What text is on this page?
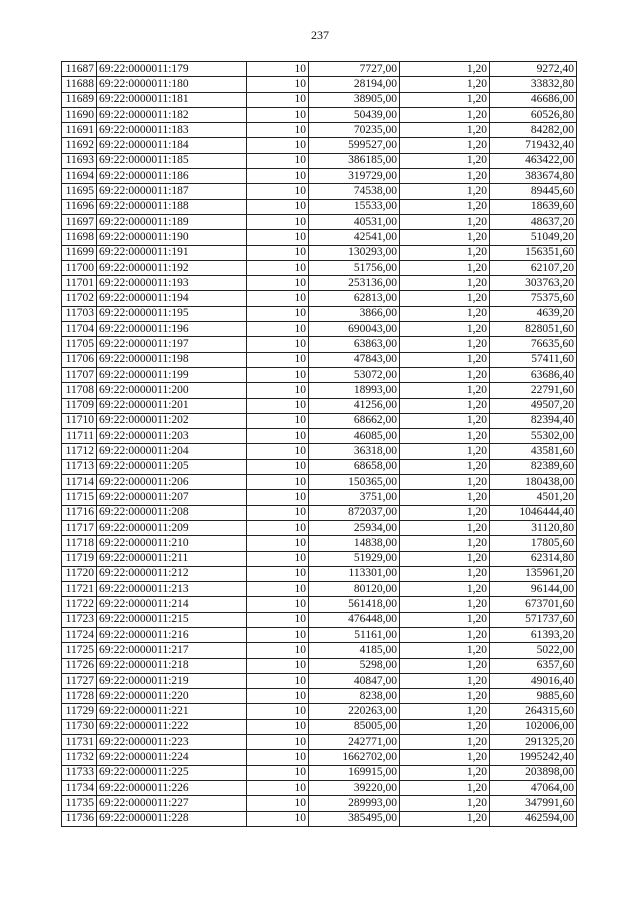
237
11687	69:22:0000011:179	10	7727,00	1,20	9272,40
11688	69:22:0000011:180	10	28194,00	1,20	33832,80
11689	69:22:0000011:181	10	38905,00	1,20	46686,00
11690	69:22:0000011:182	10	50439,00	1,20	60526,80
11691	69:22:0000011:183	10	70235,00	1,20	84282,00
11692	69:22:0000011:184	10	599527,00	1,20	719432,40
11693	69:22:0000011:185	10	386185,00	1,20	463422,00
11694	69:22:0000011:186	10	319729,00	1,20	383674,80
11695	69:22:0000011:187	10	74538,00	1,20	89445,60
11696	69:22:0000011:188	10	15533,00	1,20	18639,60
11697	69:22:0000011:189	10	40531,00	1,20	48637,20
11698	69:22:0000011:190	10	42541,00	1,20	51049,20
11699	69:22:0000011:191	10	130293,00	1,20	156351,60
11700	69:22:0000011:192	10	51756,00	1,20	62107,20
11701	69:22:0000011:193	10	253136,00	1,20	303763,20
11702	69:22:0000011:194	10	62813,00	1,20	75375,60
11703	69:22:0000011:195	10	3866,00	1,20	4639,20
11704	69:22:0000011:196	10	690043,00	1,20	828051,60
11705	69:22:0000011:197	10	63863,00	1,20	76635,60
11706	69:22:0000011:198	10	47843,00	1,20	57411,60
11707	69:22:0000011:199	10	53072,00	1,20	63686,40
11708	69:22:0000011:200	10	18993,00	1,20	22791,60
11709	69:22:0000011:201	10	41256,00	1,20	49507,20
11710	69:22:0000011:202	10	68662,00	1,20	82394,40
11711	69:22:0000011:203	10	46085,00	1,20	55302,00
11712	69:22:0000011:204	10	36318,00	1,20	43581,60
11713	69:22:0000011:205	10	68658,00	1,20	82389,60
11714	69:22:0000011:206	10	150365,00	1,20	180438,00
11715	69:22:0000011:207	10	3751,00	1,20	4501,20
11716	69:22:0000011:208	10	872037,00	1,20	1046444,40
11717	69:22:0000011:209	10	25934,00	1,20	31120,80
11718	69:22:0000011:210	10	14838,00	1,20	17805,60
11719	69:22:0000011:211	10	51929,00	1,20	62314,80
11720	69:22:0000011:212	10	113301,00	1,20	135961,20
11721	69:22:0000011:213	10	80120,00	1,20	96144,00
11722	69:22:0000011:214	10	561418,00	1,20	673701,60
11723	69:22:0000011:215	10	476448,00	1,20	571737,60
11724	69:22:0000011:216	10	51161,00	1,20	61393,20
11725	69:22:0000011:217	10	4185,00	1,20	5022,00
11726	69:22:0000011:218	10	5298,00	1,20	6357,60
11727	69:22:0000011:219	10	40847,00	1,20	49016,40
11728	69:22:0000011:220	10	8238,00	1,20	9885,60
11729	69:22:0000011:221	10	220263,00	1,20	264315,60
11730	69:22:0000011:222	10	85005,00	1,20	102006,00
11731	69:22:0000011:223	10	242771,00	1,20	291325,20
11732	69:22:0000011:224	10	1662702,00	1,20	1995242,40
11733	69:22:0000011:225	10	169915,00	1,20	203898,00
11734	69:22:0000011:226	10	39220,00	1,20	47064,00
11735	69:22:0000011:227	10	289993,00	1,20	347991,60
11736	69:22:0000011:228	10	385495,00	1,20	462594,00
